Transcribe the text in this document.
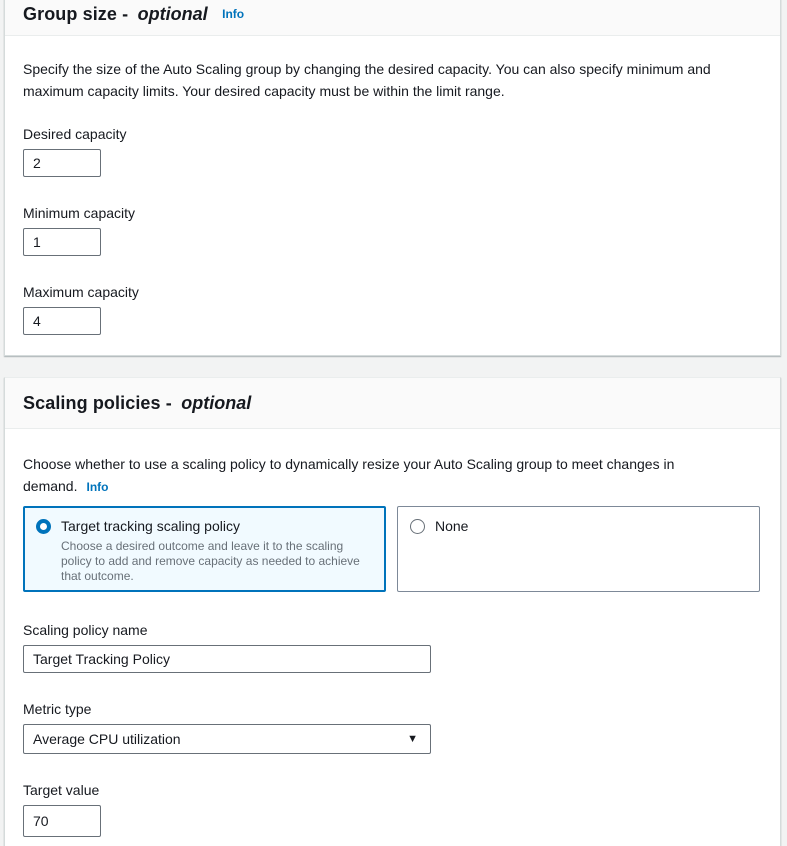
Group size - optional Info

Specify the size of the Auto Scaling group by changing the desired capacity. You can also specify minimum and
maximum capacity limits. Your desired capacity must be within the limit range.

Desired capacity
2
Minimum capacity
1
Maximum capacity
4
Scaling policies - optional

Choose whether to use a scaling policy to dynamically resize your Auto Scaling group to meet changes in
demand. Info

Target tracking scaling policy

Choose a desired outcome and leave it to the scaling
policy to add and remove capacity as needed to achieve
that outcome.

None
Scaling policy name
Target Tracking Policy
Metric type
Average CPU utilization	▼
Target value
70
